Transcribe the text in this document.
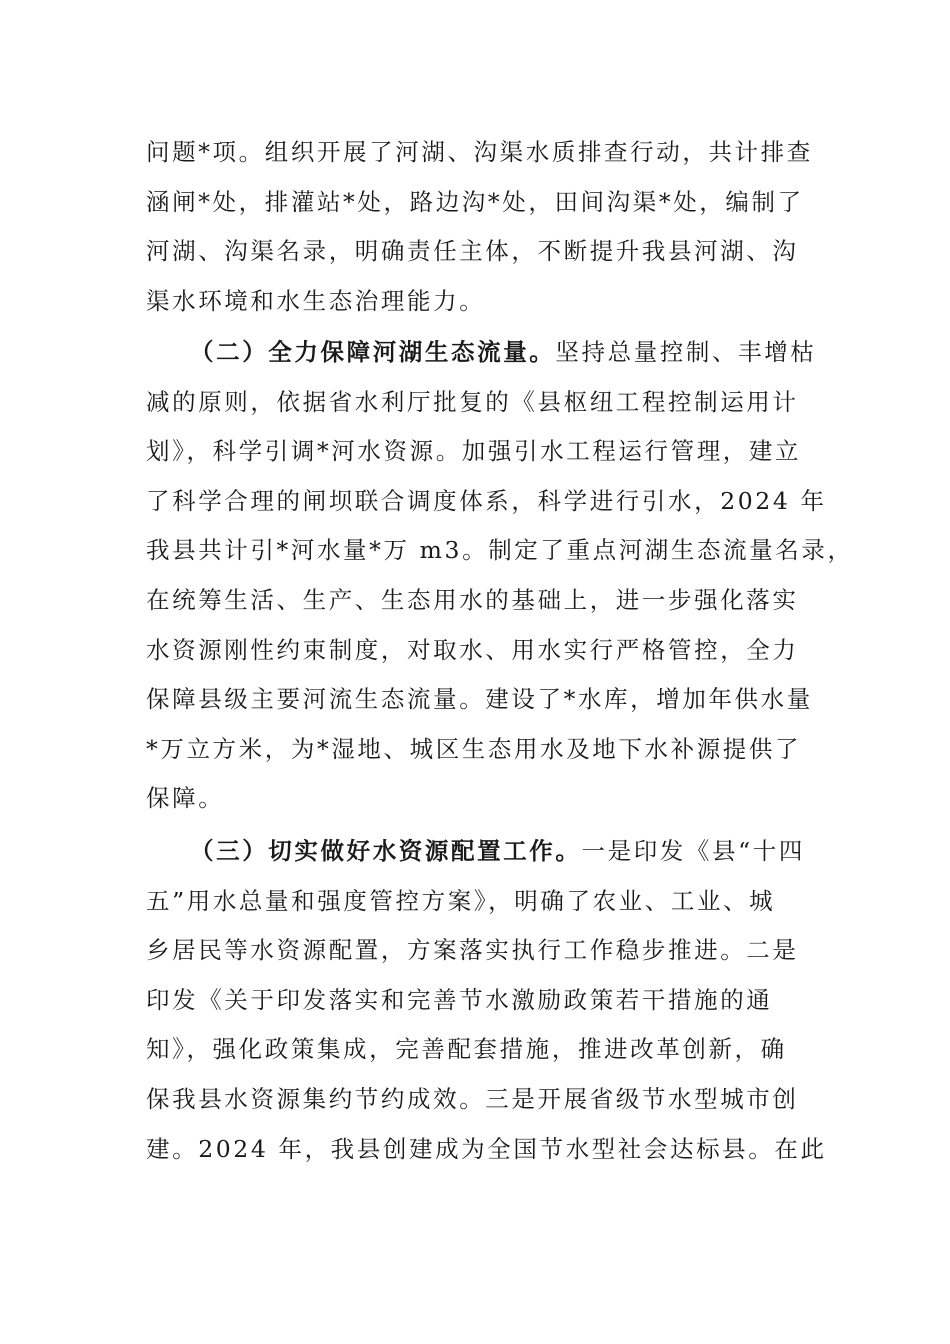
问题*项。组织开展了河湖、沟渠水质排查行动，共计排查
涵闸*处，排灌站*处，路边沟*处，田间沟渠*处，编制了
河湖、沟渠名录，明确责任主体，不断提升我县河湖、沟
渠水环境和水生态治理能力。
（二）全力保障河湖生态流量。坚持总量控制、丰增枯
减的原则，依据省水利厅批复的《县枢纽工程控制运用计
划》，科学引调*河水资源。加强引水工程运行管理，建立
了科学合理的闸坝联合调度体系，科学进行引水，2024 年
我县共计引*河水量*万 m3。制定了重点河湖生态流量名录，
在统筹生活、生产、生态用水的基础上，进一步强化落实
水资源刚性约束制度，对取水、用水实行严格管控，全力
保障县级主要河流生态流量。建设了*水库，增加年供水量
*万立方米，为*湿地、城区生态用水及地下水补源提供了
保障。
（三）切实做好水资源配置工作。一是印发《县“十四
五”用水总量和强度管控方案》，明确了农业、工业、城
乡居民等水资源配置，方案落实执行工作稳步推进。二是
印发《关于印发落实和完善节水激励政策若干措施的通
知》，强化政策集成，完善配套措施，推进改革创新，确
保我县水资源集约节约成效。三是开展省级节水型城市创
建。2024 年，我县创建成为全国节水型社会达标县。在此
